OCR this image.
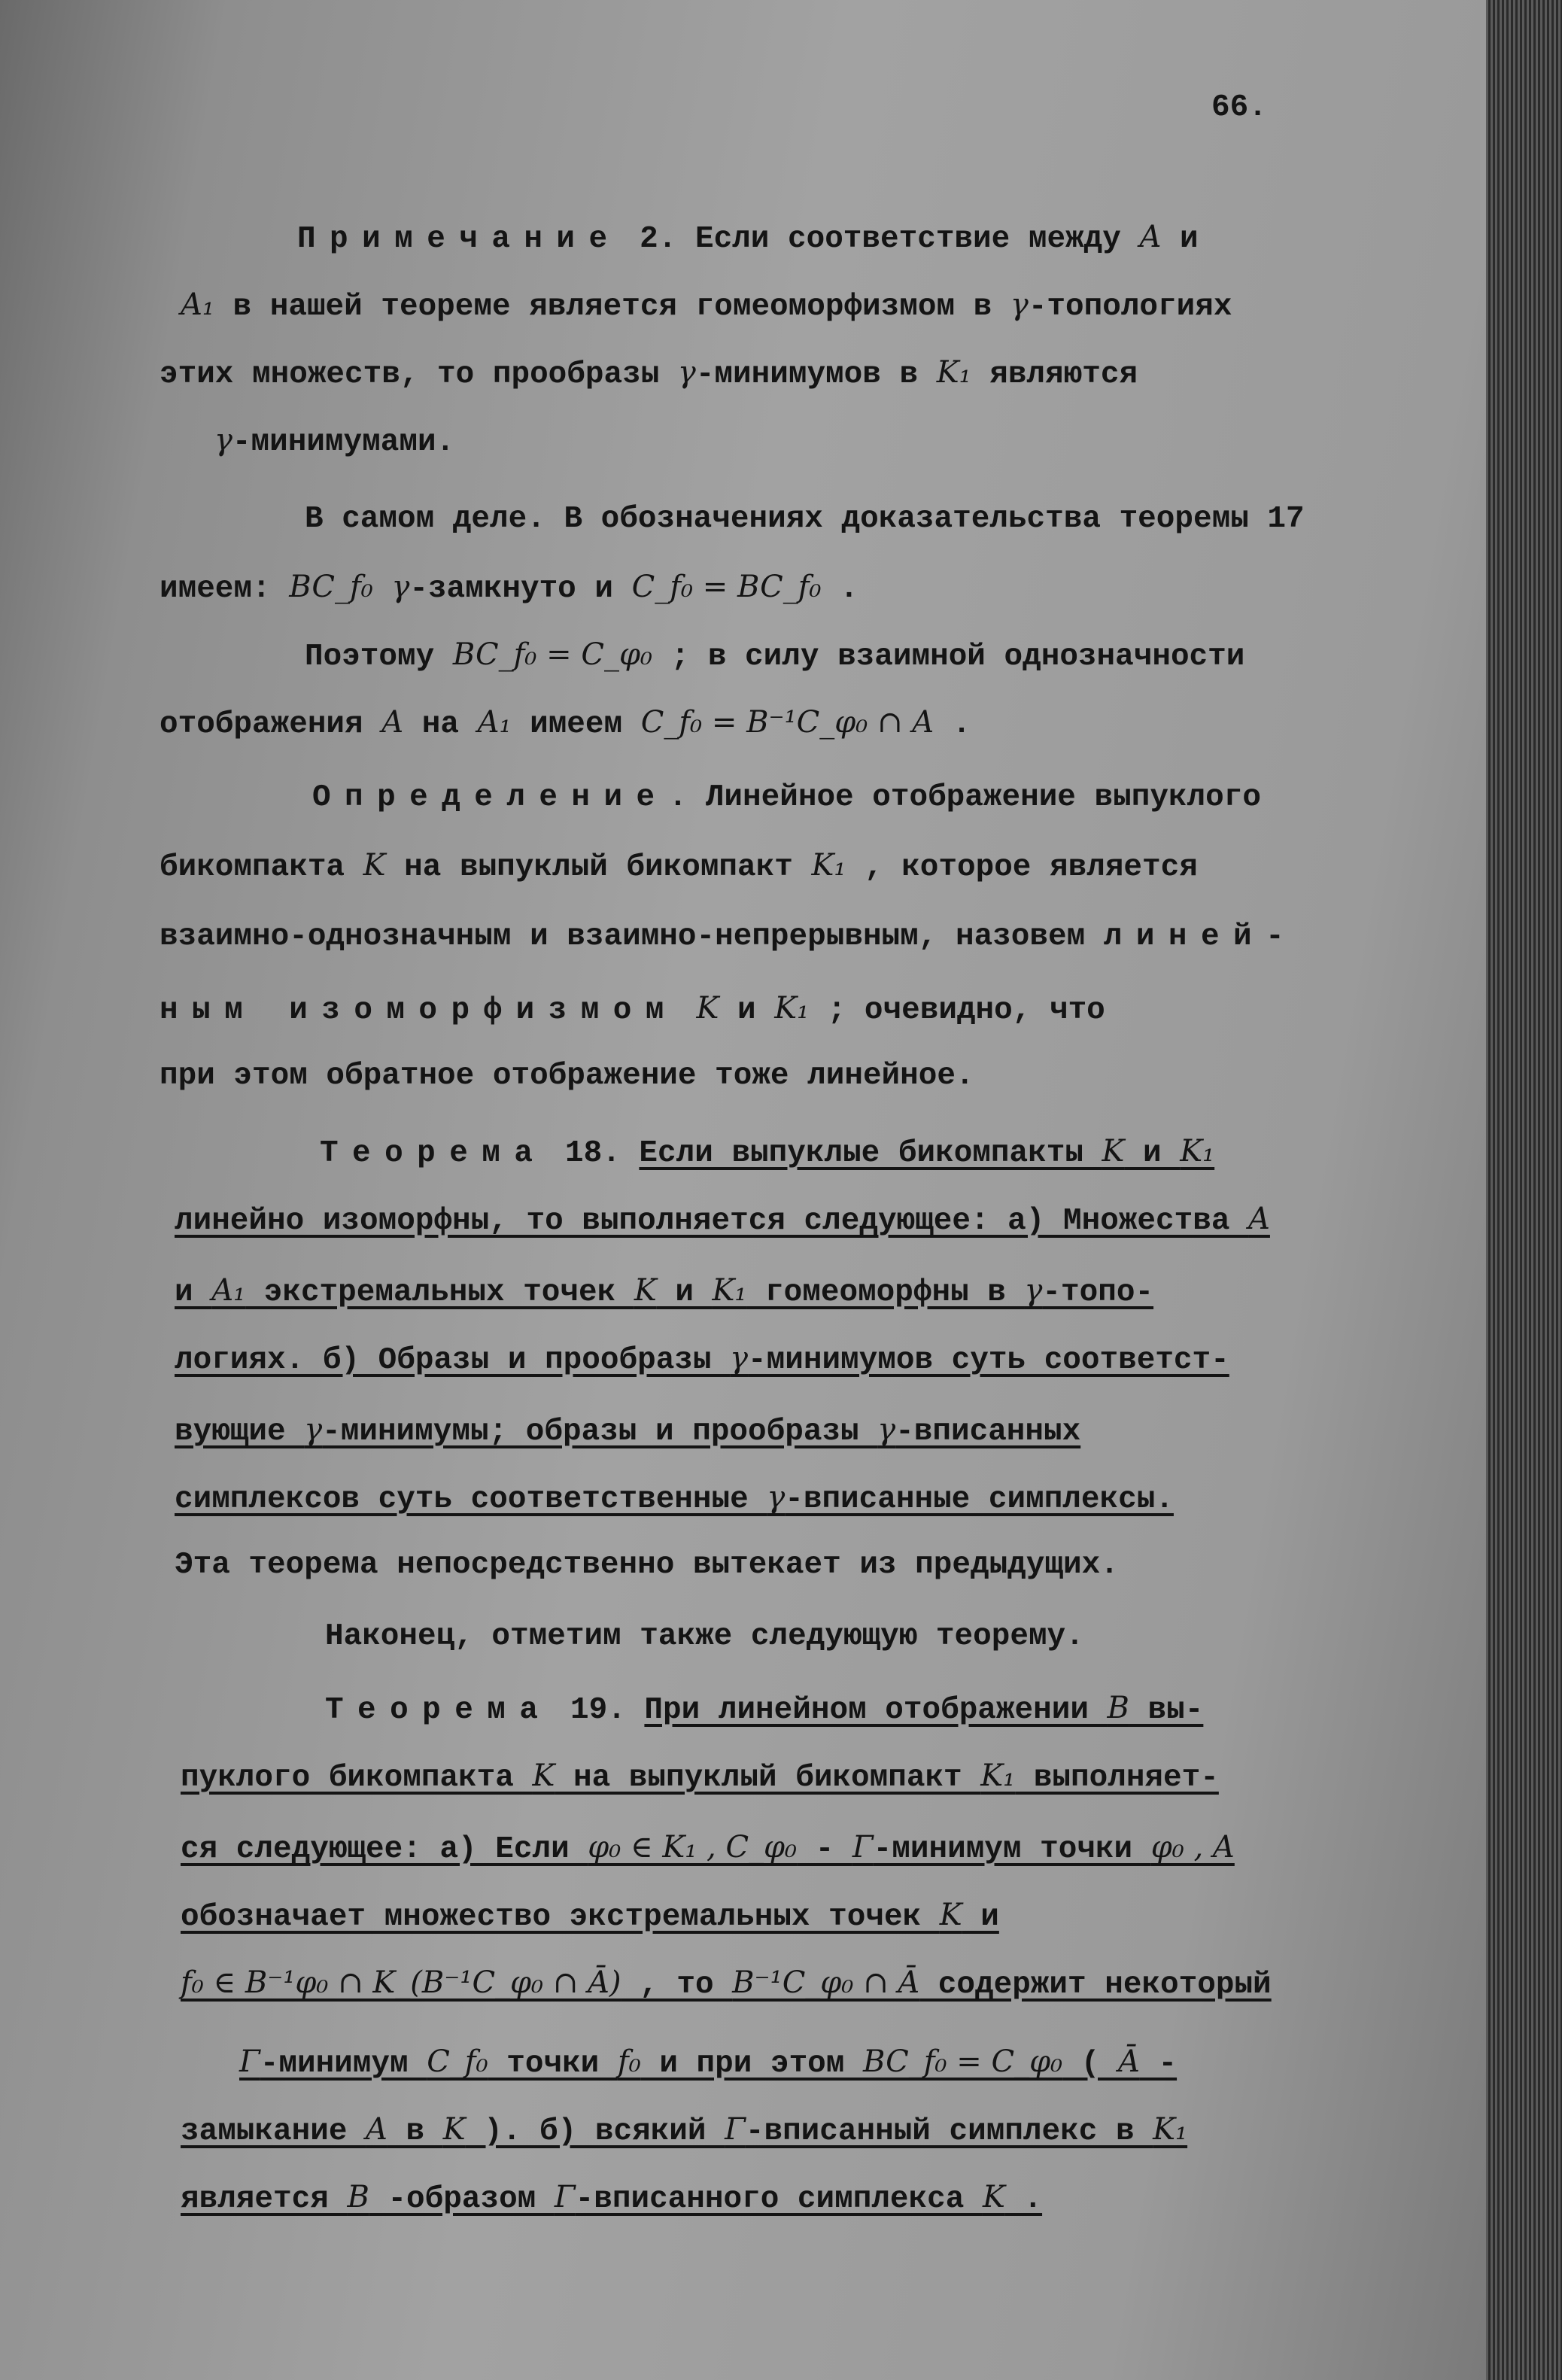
66.
Примечание 2. Если соответствие между A и
A₁ в нашей теореме является гомеоморфизмом в γ-топологиях
этих множеств, то прообразы γ-минимумов в K₁ являются
γ-минимумами.
В самом деле. В обозначениях доказательства теоремы 17
имеем: BC_f₀ γ-замкнуто и C_f₀ = BC_f₀ .
Поэтому BC_f₀ = C_φ₀ ; в силу взаимной однозначности
отображения A на A₁ имеем C_f₀ = B⁻¹C_φ₀ ∩ A .
Определение. Линейное отображение выпуклого
бикомпакта K на выпуклый бикомпакт K₁ , которое является
взаимно-однозначным и взаимно-непрерывным, назовем линей-
ным изоморфизмом K и K₁ ; очевидно, что
при этом обратное отображение тоже линейное.
Теорема 18. Если выпуклые бикомпакты K и K₁
линейно изоморфны, то выполняется следующее: а) Множества A
и A₁ экстремальных точек K и K₁ гомеоморфны в γ-топо-
логиях. б) Образы и прообразы γ-минимумов суть соответст-
вующие γ-минимумы; образы и прообразы γ-вписанных
симплексов суть соответственные γ-вписанные симплексы.
Эта теорема непосредственно вытекает из предыдущих.
Наконец, отметим также следующую теорему.
Теорема 19. При линейном отображении B вы-
пуклого бикомпакта K на выпуклый бикомпакт K₁ выполняет-
ся следующее: а) Если φ₀ ∈ K₁ , C_φ₀ - Γ-минимум точки φ₀ , A
обозначает множество экстремальных точек K и
f₀ ∈ B⁻¹φ₀ ∩ K_(B⁻¹C_φ₀ ∩ Ā) , то B⁻¹C_φ₀ ∩ Ā содержит некоторый
Γ-минимум C_f₀ точки f₀ и при этом BC_f₀ = C_φ₀ ( Ā -
замыкание A в K ). б) всякий Γ-вписанный симплекс в K₁
является B -образом Γ-вписанного симплекса K .
